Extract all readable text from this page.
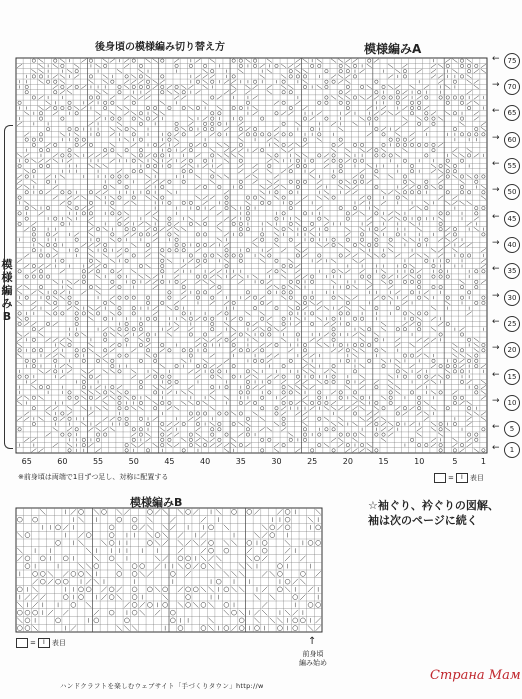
後身頃の模様編み切り替え方	模様編みA
模様編みB
模様編みB
65	60	55	50	45	40	35	30	25	20	15	10	5	1
←	75
→	70
←	65
→	60
←	55
→	50
←	45
→	40
←	35
→	30
←	25
→	20
←	15
→	10
←	5
←	1
※前身頃は両端で1目ずつ足し、対称に配置する	=	I	表目
☆袖ぐり、衿ぐりの図解、袖は次のページに続く
=	I	表目	↑
前身頃
編み始め
ハンドクラフトを楽しむウェブサイト「手づくりタウン」http://w
Страна Мам
